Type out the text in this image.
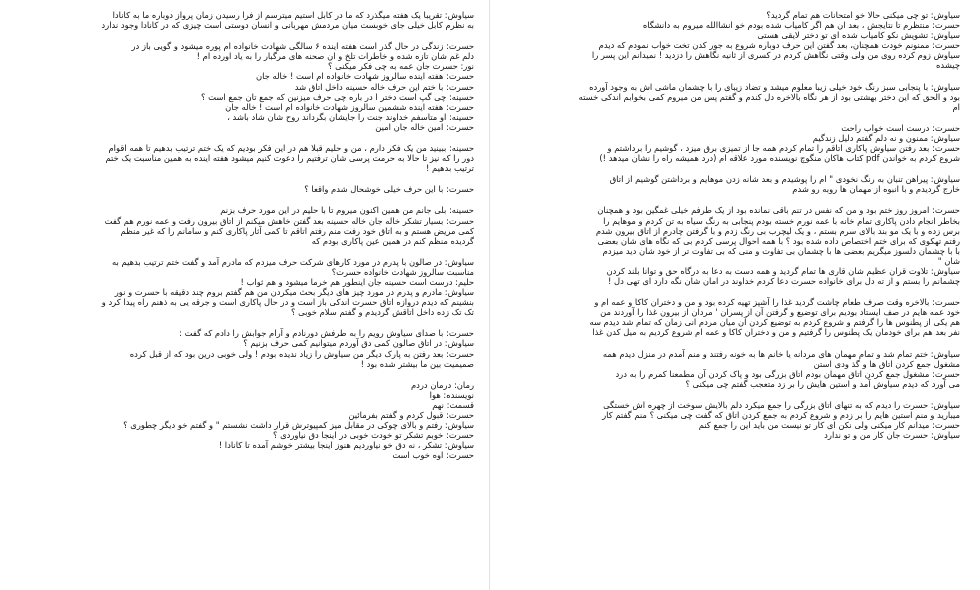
سیاوش: تقریبا یک هفته میگذرد که ما در کابل استیم میترسم از فرا رسیدن زمان پرواز دوباره ما به کانادا

به نظرم کابل خیلی جای خوبست میان مردمش مهربانی و انسان دوستی است چیزی که در کانادا وجود ندارد

حسرت: زندگی در حال گذر است هفته اینده ۶ سالگی شهادت خانواده ام پوره میشود و گویی باز در

دلم غم شان تازه شده و خاطرات تلخ و ان صحنه های مرگبار را به یاد اورده ام !

نور: حسرت جان عمه به چی فکر میکنی ؟

حسرت: هفته اینده سالروز شهادت خانواده ام است ! خاله جان

حسرت: با ختم این حرف خاله حسینه داخل اتاق شد

حسینه: چی گپ است دختر ا در باره چی حرف میزنین که جمع تان جمع است ؟

حسرت: هفته اینده ششمین سالروز شهادت خانواده ام است ! خاله جان

حسینه: او متاسفم خداوند جنت را جایشان بگرداند روح شان شاد باشد ،

حسرت: امین خاله جان امین

حسینه: ببینید من یک فکر دارم ، من و حلیم قبلا هم در این فکر بودیم که یک ختم ترتیب بدهیم تا همه اقوام

دور را که نیز تا حالا به حرمت پرسی شان ترفتیم را دعوت کنیم میشود هفته اینده به همین مناسبت یک ختم

ترتیب بدهیم !

حسرت: با این حرف خیلی خوشحال شدم واقعا ؟

حسینه: بلی جانم من همین اکنون میروم تا با حلیم در این مورد حرف بزنم

حسرت: بسیار تشکر خاله جان خاله حسینه بعد گفتن خاهش میکنم از اتاق بیرون رفت و عمه نورم هم گفت

کمی مریض هستم و به اتاق خود رفت منم رفتم اتاقم تا کمی آثار پاکاری کنم و سامانم را که غیر منظم

گردیده منظم کنم در همین عین پاکاری بودم که

سیاوش: در صالون با پدرم در مورد کارهای شرکت حرف میزدم که مادرم آمد و گفت ختم ترتیب بدهیم به

مناسبت سالروز شهادت خانواده حسرت؟

حلیم: درست است حسینه جان اینطور هم خرما میشود و هم ثواب !

سیاوش: مادرم و پدرم در مورد چیز های دیگر بحث میکردن من هم گفتم بروم چند دقیقه با حسرت و نور

بنشینم که دیدم دروازه اتاق حسرت اندکی باز است و در حال پاکاری است و جرقه یی به ذهنم راه پیدا کرد و

تک تک زده داخل اتاقش گردیدم و گفتم سلام خوبی ؟

حسرت: با صدای سیاوش رویم را به طرفش دورنادم و آرام جوابش را دادم که گفت :

سیاوش: در اتاق صالون کمی دق آوردم میتوانیم کمی حرف بزنیم ؟

حسرت: بعد رفتن به پارک دیگر من سیاوش را زیاد ندیده بودم ! ولی خوبی درین بود که از قبل کرده

صمیمیت بین ما بیشتر شده بود !

رمان: درمان دردم

نویسنده: هوا

قسمت: نهم

حسرت: قبول کردم و گفتم بفرمائین

سیاوش: رفتم و بالای چوکی در مقابل میز کمپیوترش قرار داشت نشستم " و گفتم خو دیگر چطوری ؟

حسرت: خوبم تشکر تو خودت خوبی در اینجا دق نیاوردی ؟

سیاوش: تشکر ، نه دق خو نیاوردیم هنوز اینجا بیشتر خوشم آمده تا کانادا !

حسرت: اوه خوب است

سیاوش: تو چی میکنی حالا خو امتحانات هم تمام گردید؟

حسرت: منتظرم تا نتایجش ، بعد ان هم اگر کامیاب شده بودم خو انشاالله میروم به دانشگاه

سیاوش: تشویش نکو کامیاب شده ای تو دختر لایقی هستی

حسرت: ممنونم خودت همچنان، بعد گفتن این حرف دوباره شروع به جور کدن تخت خواب نمودم که دیدم

سیاوش زوم کرده روی من ولی وقتی نگاهش کردم در کسری از ثانیه نگاهش را دزدید ! نمیدانم این پسر را

چیشده

سیاوش: با پنجابی سبز رنگ خود خیلی زیبا معلوم میشد و تضاد زیبای را با چشمان ماشی اش به وجود آورده

بود و الحق که این دختر بهشتی بود از هر نگاه بالاخره دل کندم و گفتم پس من میروم کمی بخوابم اندکی خسته

ام

حسرت: درست است خواب راحت

سیاوش: ممنون و نه دلم گفتم دلیل زندگیم

حسرت: بعد رفتن سیاوش پاکاری اتاقم را تمام کردم همه جا از تمیزی برق میزد ، گوشیم را برداشتم و

شروع کردم به خواندن pdf کتاب هاکان منگوچ نویسنده مورد علاقه ام (درد همیشه راه را نشان میدهد !)

سیاوش: پیراهن تنبان به رنگ نخودی " ام را پوشیدم و بعد شانه زدن موهایم و برداشتن گوشیم از اتاق

خارج گردیدم و با انبوه از مهمان ها روبه رو شدم

حسرت: امروز روز ختم بود و من که نفس در تنم باقی نمانده بود از یک طرفم خیلی غمگین بود و همچنان

بخاطر انجام دادن پاکاری تمام خانه با عمه نورم خسته بودم پنجابی به رنگ سیاه به تن کردم و موهایم را

برس زده و با یک مو بند بالای سرم بستم ، و یک لیچرب بی رنگ زدم و با گرفتن چادرم از اتاق بیرون شدم

رفتم تهکوی که برای ختم اختصاص داده شده بود ؟ با همه احوال پرسی کردم بی که نگاه های شان بعضی

با با چشمان دلسوز میگریم بعضی ها با چشمان بی تفاوت و منی که بی تفاوت تر از خود شان دید میزدم

شان "

سیاوش: تلاوت قران عظیم شان قاری ها تمام گردید و همه دست به دعا به درگاه حق و توانا بلند کردن

چشمانم را بستم و از ته دل برای خانواده حسرت دعا کردم خداوند در امان شان نگه دارد ای تهی دل !

حسرت: بالاخره وقت صرف طعام چاشت گردید غذا را آشپز تهیه کرده بود و من و دختران کاکا و عمه ام و

خود عمه هایم در صف ایستاد بودیم برای توضیع و گرفتن آن از پسران ' مردان از بیرون غذا را آوردند من

هم یکی از پطنوس ها را گرفتم و شروع کردم به توضیع کردن آن میان مردم انی زمان که تمام شد دیدم سه

نفر بعد هم برای خودمان یک پطنوس را گرفتیم و من و دختران کاکا و عمه ام شروع کردیم به میل کدن غذا

سیاوش: ختم تمام شد و تمام مهمان های مردانه یا خانم ها به خونه رفتند و منم آمدم در منزل دیدم همه

مشغول جمع کردن اتاق ها و گذ ودی استن

حسرت: مشغول جمع کردن اتاق مهمان بودم اتاق بزرگی بود و پاک کردن آن مطمعنا کمرم را به درد

می آورد که دیدم سیاوش آمد و استین هایش را بر زد متعجب گفتم چی میکنی ؟

سیاوش: حسرت را دیدم که به تنهای اتاق بزرگی را جمع میکرد دلم بالایش سوخت از چهره اش خستگی

میبارید و منم استین هایم را بر زدم و شروع کردم به جمع کردن اتاق که گفت چی میکنی ؟ منم گفتم کار

حسرت: میدانم کار میکنی ولی نکن ای کار تو نیست من باید این را جمع کنم

سیاوش: حسرت جان کار من و تو ندارد
